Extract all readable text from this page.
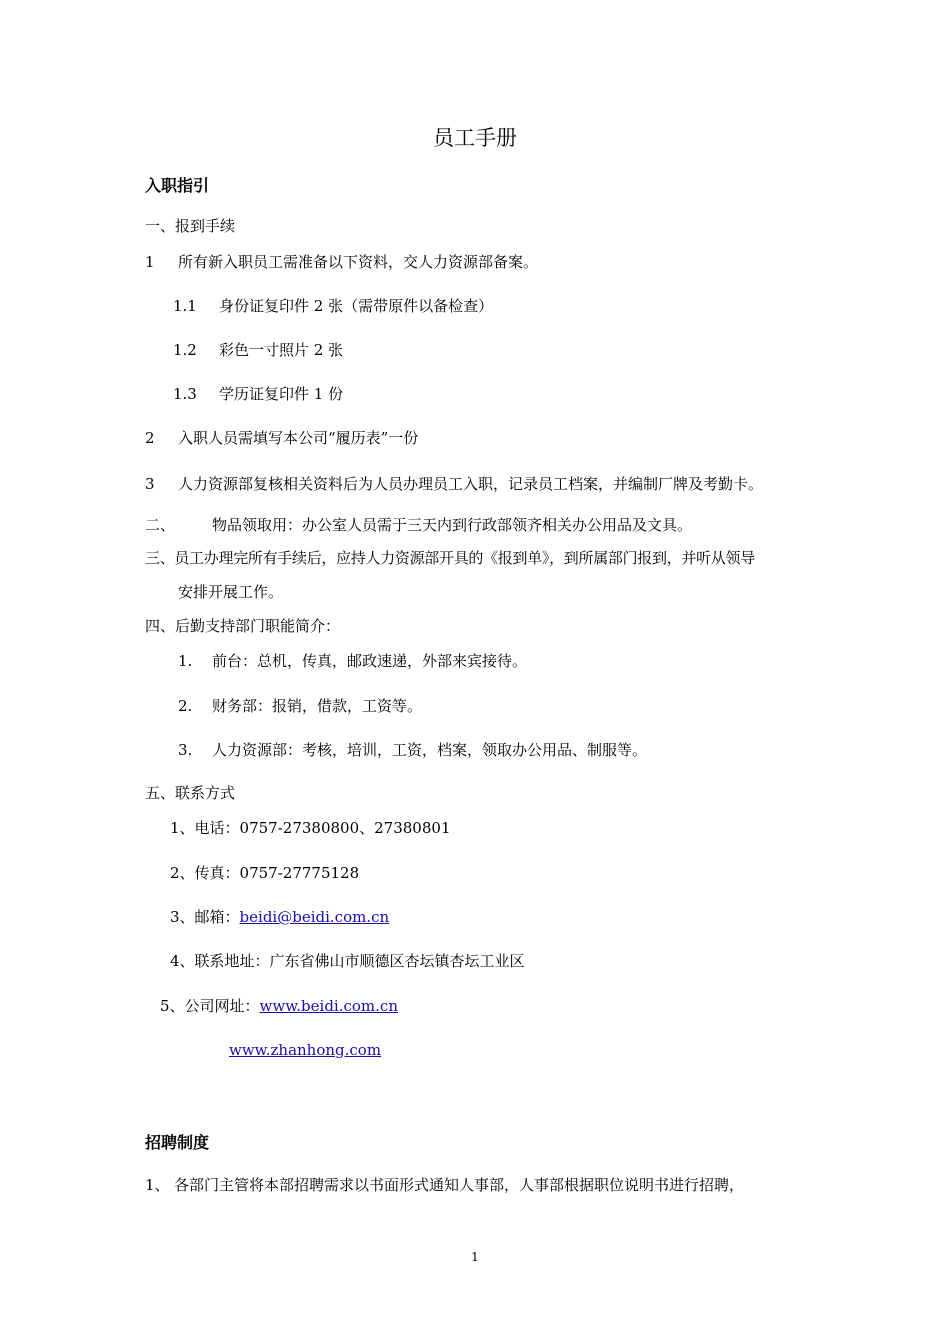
员工手册
入职指引
一、报到手续
1 所有新入职员工需准备以下资料，交人力资源部备案。
1.1 身份证复印件 2 张（需带原件以备检查）
1.2 彩色一寸照片 2 张
1.3 学历证复印件 1 份
2 入职人员需填写本公司“履历表”一份
3 人力资源部复核相关资料后为人员办理员工入职，记录员工档案，并编制厂牌及考勤卡。
二、 物品领取用：办公室人员需于三天内到行政部领齐相关办公用品及文具。
三、员工办理完所有手续后，应持人力资源部开具的《报到单》，到所属部门报到，并听从领导
安排开展工作。
四、后勤支持部门职能简介：
1. 前台：总机，传真，邮政速递，外部来宾接待。
2. 财务部：报销，借款，工资等。
3. 人力资源部：考核，培训，工资，档案，领取办公用品、制服等。
五、联系方式
1、电话：0757-27380800、27380801
2、传真：0757-27775128
3、邮箱：beidi@beidi.com.cn
4、联系地址：广东省佛山市顺德区杏坛镇杏坛工业区
5、公司网址：www.beidi.com.cn
www.zhanhong.com
招聘制度
1、 各部门主管将本部招聘需求以书面形式通知人事部，人事部根据职位说明书进行招聘，
1
